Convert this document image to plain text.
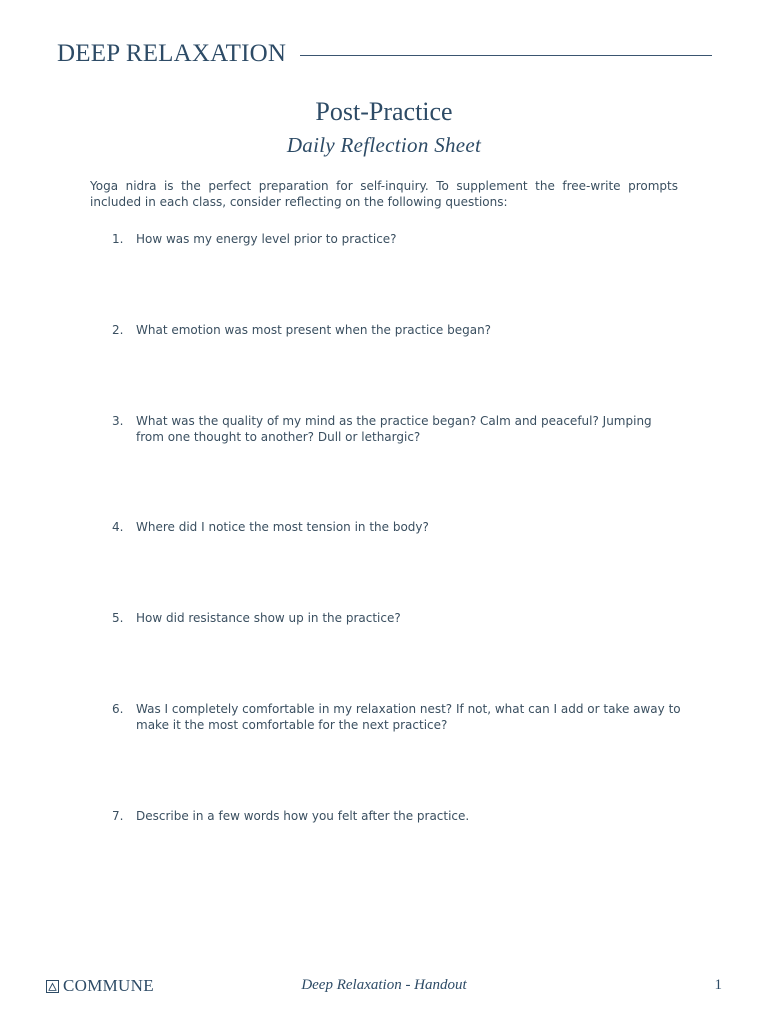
DEEP RELAXATION
Post-Practice
Daily Reflection Sheet

Yoga nidra is the perfect preparation for self-inquiry. To supplement the free-write prompts included in each class, consider reflecting on the following questions:

1.	How was my energy level prior to practice?
2.	What emotion was most present when the practice began?
3.	What was the quality of my mind as the practice began? Calm and peaceful? Jumping from one thought to another? Dull or lethargic?
4.	Where did I notice the most tension in the body?
5.	How did resistance show up in the practice?
6.	Was I completely comfortable in my relaxation nest? If not, what can I add or take away to make it the most comfortable for the next practice?
7.	Describe in a few words how you felt after the practice.
COMMUNE	Deep Relaxation - Handout	1
